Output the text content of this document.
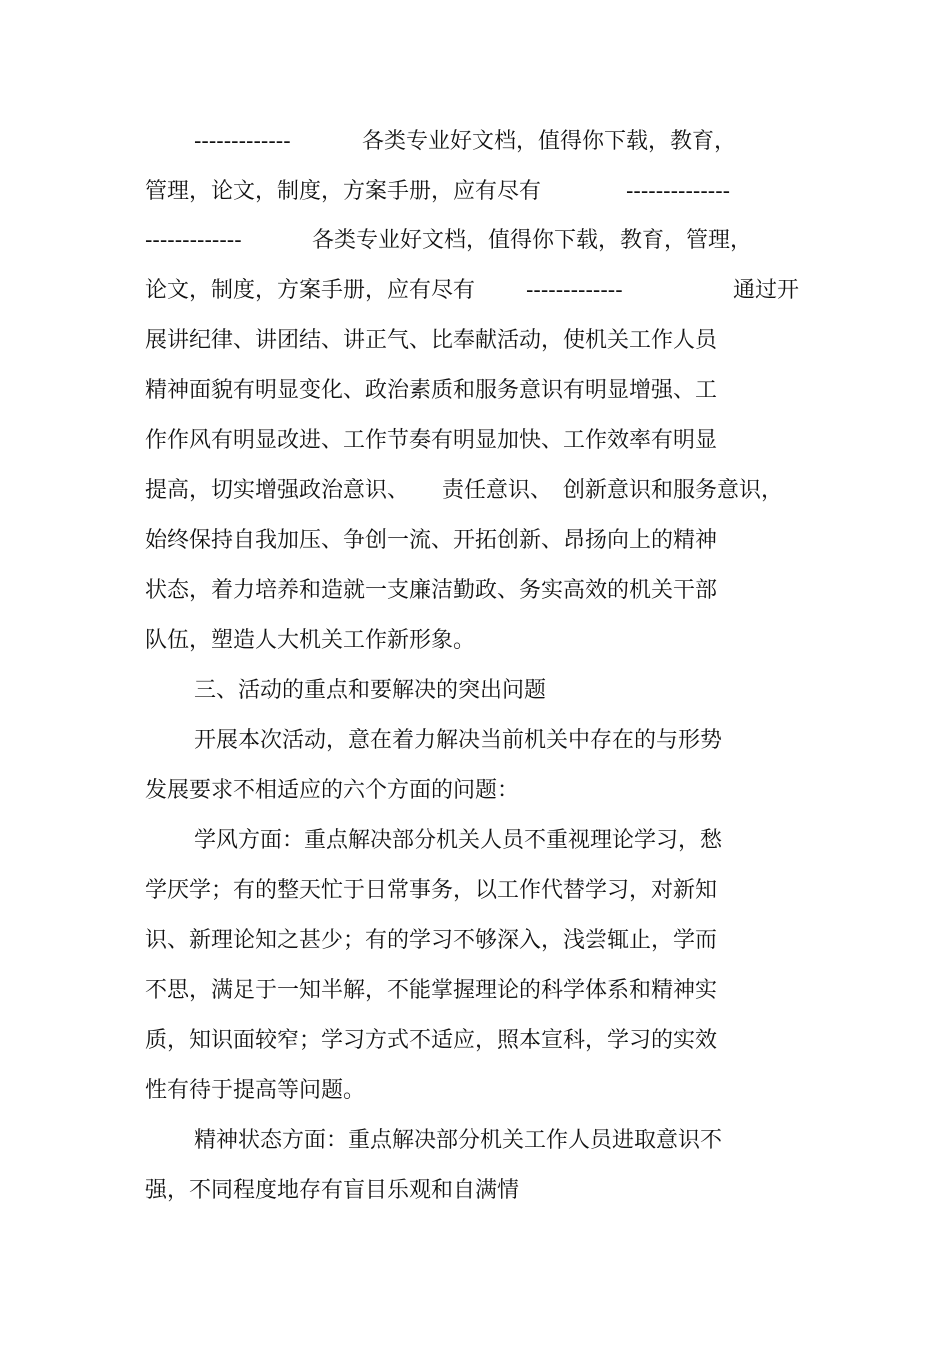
-------------	各类专业好文档，值得你下载，教育，
管理，论文，制度，方案手册，应有尽有	--------------
-------------	各类专业好文档，值得你下载，教育，管理，
论文，制度，方案手册，应有尽有 -------------	通过开
展讲纪律、讲团结、讲正气、比奉献活动，使机关工作人员
精神面貌有明显变化、政治素质和服务意识有明显增强、工
作作风有明显改进、工作节奏有明显加快、工作效率有明显
提高，切实增强政治意识、 责任意识、 创新意识和服务意识，
始终保持自我加压、争创一流、开拓创新、昂扬向上的精神
状态，着力培养和造就一支廉洁勤政、务实高效的机关干部
队伍，塑造人大机关工作新形象。
三、活动的重点和要解决的突出问题
开展本次活动，意在着力解决当前机关中存在的与形势
发展要求不相适应的六个方面的问题：
学风方面：重点解决部分机关人员不重视理论学习，愁
学厌学；有的整天忙于日常事务，以工作代替学习，对新知
识、新理论知之甚少；有的学习不够深入，浅尝辄止，学而
不思，满足于一知半解，不能掌握理论的科学体系和精神实
质，知识面较窄；学习方式不适应，照本宣科，学习的实效
性有待于提高等问题。
精神状态方面：重点解决部分机关工作人员进取意识不
强，不同程度地存有盲目乐观和自满情
